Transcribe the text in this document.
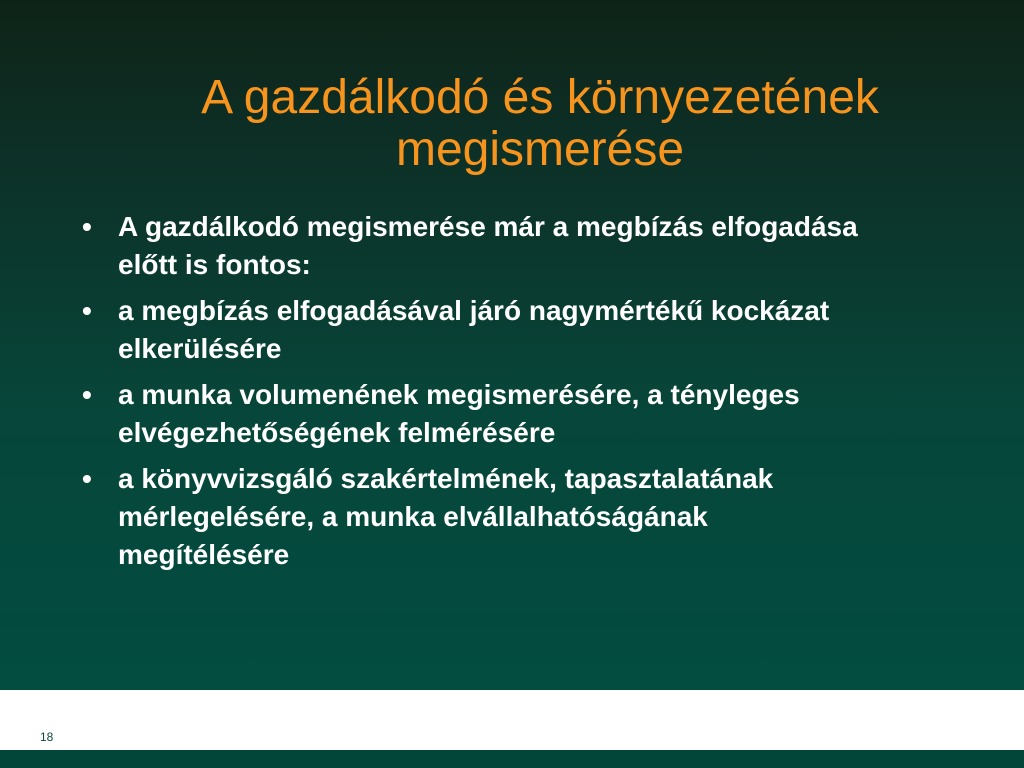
A gazdálkodó és környezetének megismerése
• A gazdálkodó megismerése már a megbízás elfogadása előtt is fontos:
• a megbízás elfogadásával járó nagymértékű kockázat elkerülésére
• a munka volumenének megismerésére, a tényleges elvégezhetőségének felmérésére
• a könyvvizsgáló szakértelmének, tapasztalatának mérlegelésére, a munka elvállalhatóságának megítélésére
18
